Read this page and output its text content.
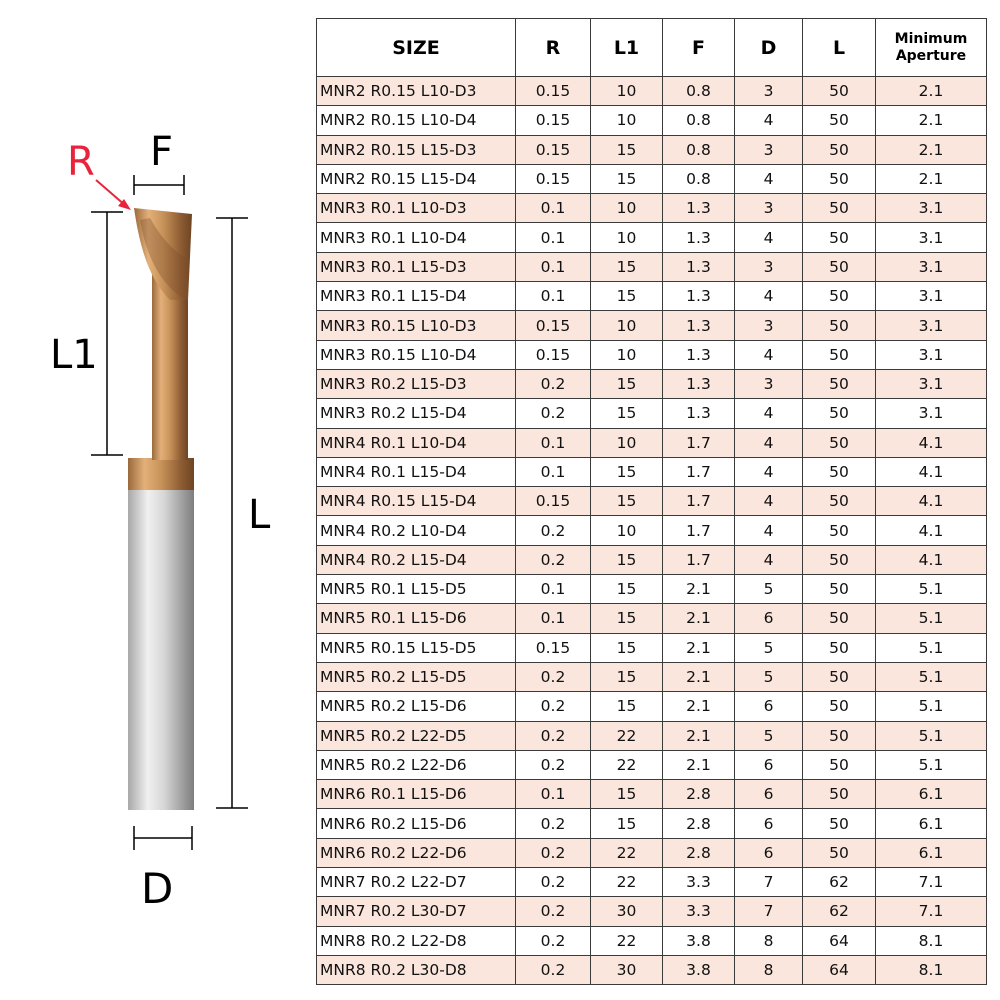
R F
L1
L
D
SIZE	R	L1	F	D	L	Minimum
Aperture
MNR2 R0.15 L10-D3	0.15	10	0.8	3	50	2.1
MNR2 R0.15 L10-D4	0.15	10	0.8	4	50	2.1
MNR2 R0.15 L15-D3	0.15	15	0.8	3	50	2.1
MNR2 R0.15 L15-D4	0.15	15	0.8	4	50	2.1
MNR3 R0.1 L10-D3	0.1	10	1.3	3	50	3.1
MNR3 R0.1 L10-D4	0.1	10	1.3	4	50	3.1
MNR3 R0.1 L15-D3	0.1	15	1.3	3	50	3.1
MNR3 R0.1 L15-D4	0.1	15	1.3	4	50	3.1
MNR3 R0.15 L10-D3	0.15	10	1.3	3	50	3.1
MNR3 R0.15 L10-D4	0.15	10	1.3	4	50	3.1
MNR3 R0.2 L15-D3	0.2	15	1.3	3	50	3.1
MNR3 R0.2 L15-D4	0.2	15	1.3	4	50	3.1
MNR4 R0.1 L10-D4	0.1	10	1.7	4	50	4.1
MNR4 R0.1 L15-D4	0.1	15	1.7	4	50	4.1
MNR4 R0.15 L15-D4	0.15	15	1.7	4	50	4.1
MNR4 R0.2 L10-D4	0.2	10	1.7	4	50	4.1
MNR4 R0.2 L15-D4	0.2	15	1.7	4	50	4.1
MNR5 R0.1 L15-D5	0.1	15	2.1	5	50	5.1
MNR5 R0.1 L15-D6	0.1	15	2.1	6	50	5.1
MNR5 R0.15 L15-D5	0.15	15	2.1	5	50	5.1
MNR5 R0.2 L15-D5	0.2	15	2.1	5	50	5.1
MNR5 R0.2 L15-D6	0.2	15	2.1	6	50	5.1
MNR5 R0.2 L22-D5	0.2	22	2.1	5	50	5.1
MNR5 R0.2 L22-D6	0.2	22	2.1	6	50	5.1
MNR6 R0.1 L15-D6	0.1	15	2.8	6	50	6.1
MNR6 R0.2 L15-D6	0.2	15	2.8	6	50	6.1
MNR6 R0.2 L22-D6	0.2	22	2.8	6	50	6.1
MNR7 R0.2 L22-D7	0.2	22	3.3	7	62	7.1
MNR7 R0.2 L30-D7	0.2	30	3.3	7	62	7.1
MNR8 R0.2 L22-D8	0.2	22	3.8	8	64	8.1
MNR8 R0.2 L30-D8	0.2	30	3.8	8	64	8.1
